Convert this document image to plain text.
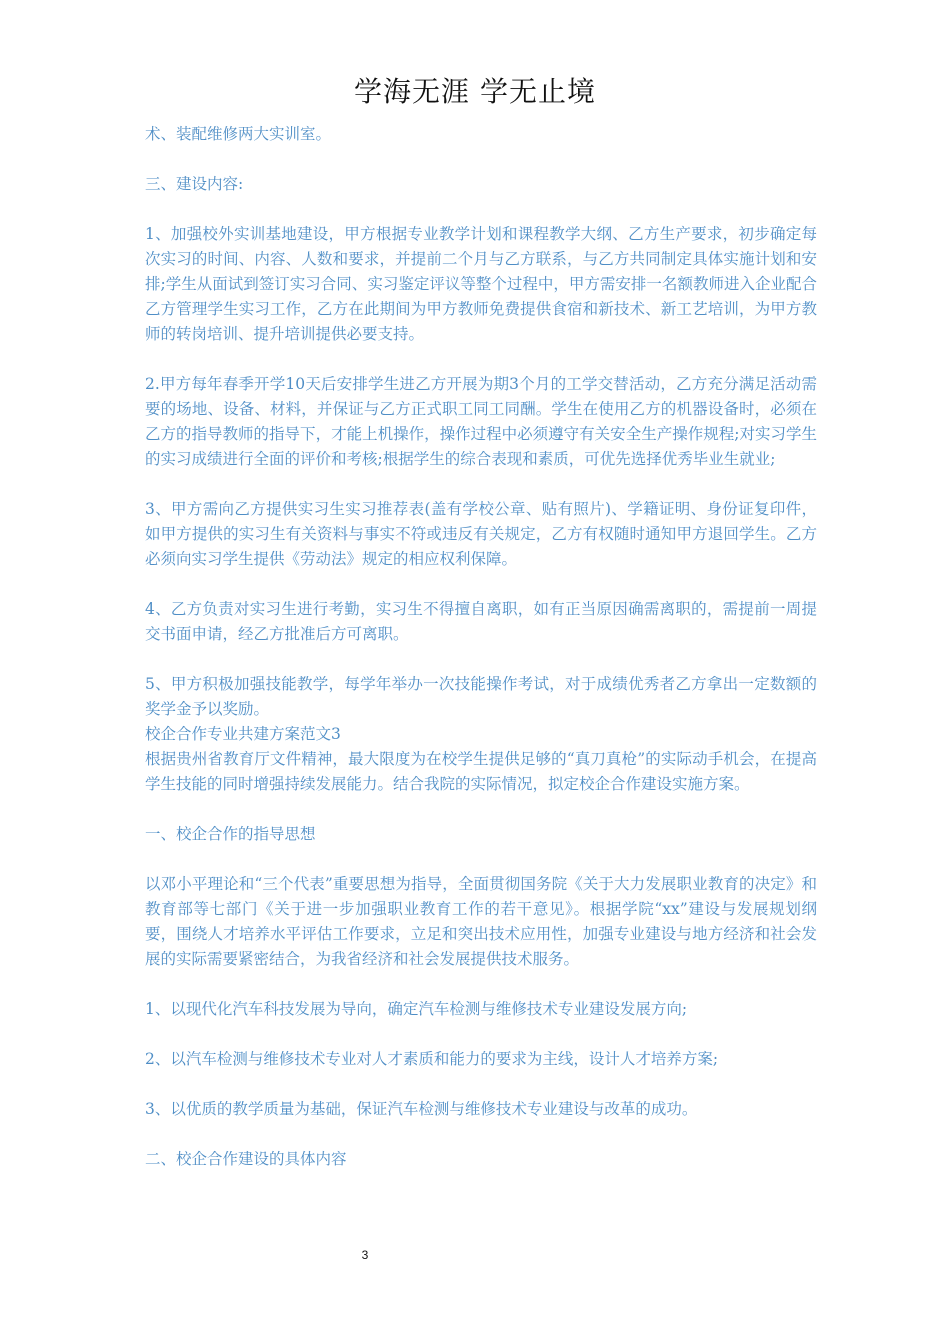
学海无涯 学无止境

术、装配维修两大实训室。

三、建设内容:

1、加强校外实训基地建设，甲方根据专业教学计划和课程教学大纲、乙方生产要求，初步确定每次实习的时间、内容、人数和要求，并提前二个月与乙方联系，与乙方共同制定具体实施计划和安排;学生从面试到签订实习合同、实习鉴定评议等整个过程中，甲方需安排一名额教师进入企业配合乙方管理学生实习工作，乙方在此期间为甲方教师免费提供食宿和新技术、新工艺培训，为甲方教师的转岗培训、提升培训提供必要支持。

2.甲方每年春季开学10天后安排学生进乙方开展为期3个月的工学交替活动，乙方充分满足活动需要的场地、设备、材料，并保证与乙方正式职工同工同酬。学生在使用乙方的机器设备时，必须在乙方的指导教师的指导下，才能上机操作，操作过程中必须遵守有关安全生产操作规程;对实习学生的实习成绩进行全面的评价和考核;根据学生的综合表现和素质，可优先选择优秀毕业生就业;

3、甲方需向乙方提供实习生实习推荐表(盖有学校公章、贴有照片)、学籍证明、身份证复印件，如甲方提供的实习生有关资料与事实不符或违反有关规定，乙方有权随时通知甲方退回学生。乙方必须向实习学生提供《劳动法》规定的相应权利保障。

4、乙方负责对实习生进行考勤，实习生不得擅自离职，如有正当原因确需离职的，需提前一周提交书面申请，经乙方批准后方可离职。

5、甲方积极加强技能教学，每学年举办一次技能操作考试，对于成绩优秀者乙方拿出一定数额的奖学金予以奖励。

校企合作专业共建方案范文3

根据贵州省教育厅文件精神，最大限度为在校学生提供足够的“真刀真枪”的实际动手机会，在提高学生技能的同时增强持续发展能力。结合我院的实际情况，拟定校企合作建设实施方案。

一、校企合作的指导思想

以邓小平理论和“三个代表”重要思想为指导，全面贯彻国务院《关于大力发展职业教育的决定》和教育部等七部门《关于进一步加强职业教育工作的若干意见》。根据学院“xx”建设与发展规划纲要，围绕人才培养水平评估工作要求，立足和突出技术应用性，加强专业建设与地方经济和社会发展的实际需要紧密结合，为我省经济和社会发展提供技术服务。

1、以现代化汽车科技发展为导向，确定汽车检测与维修技术专业建设发展方向;

2、以汽车检测与维修技术专业对人才素质和能力的要求为主线，设计人才培养方案;

3、以优质的教学质量为基础，保证汽车检测与维修技术专业建设与改革的成功。

二、校企合作建设的具体内容

3
